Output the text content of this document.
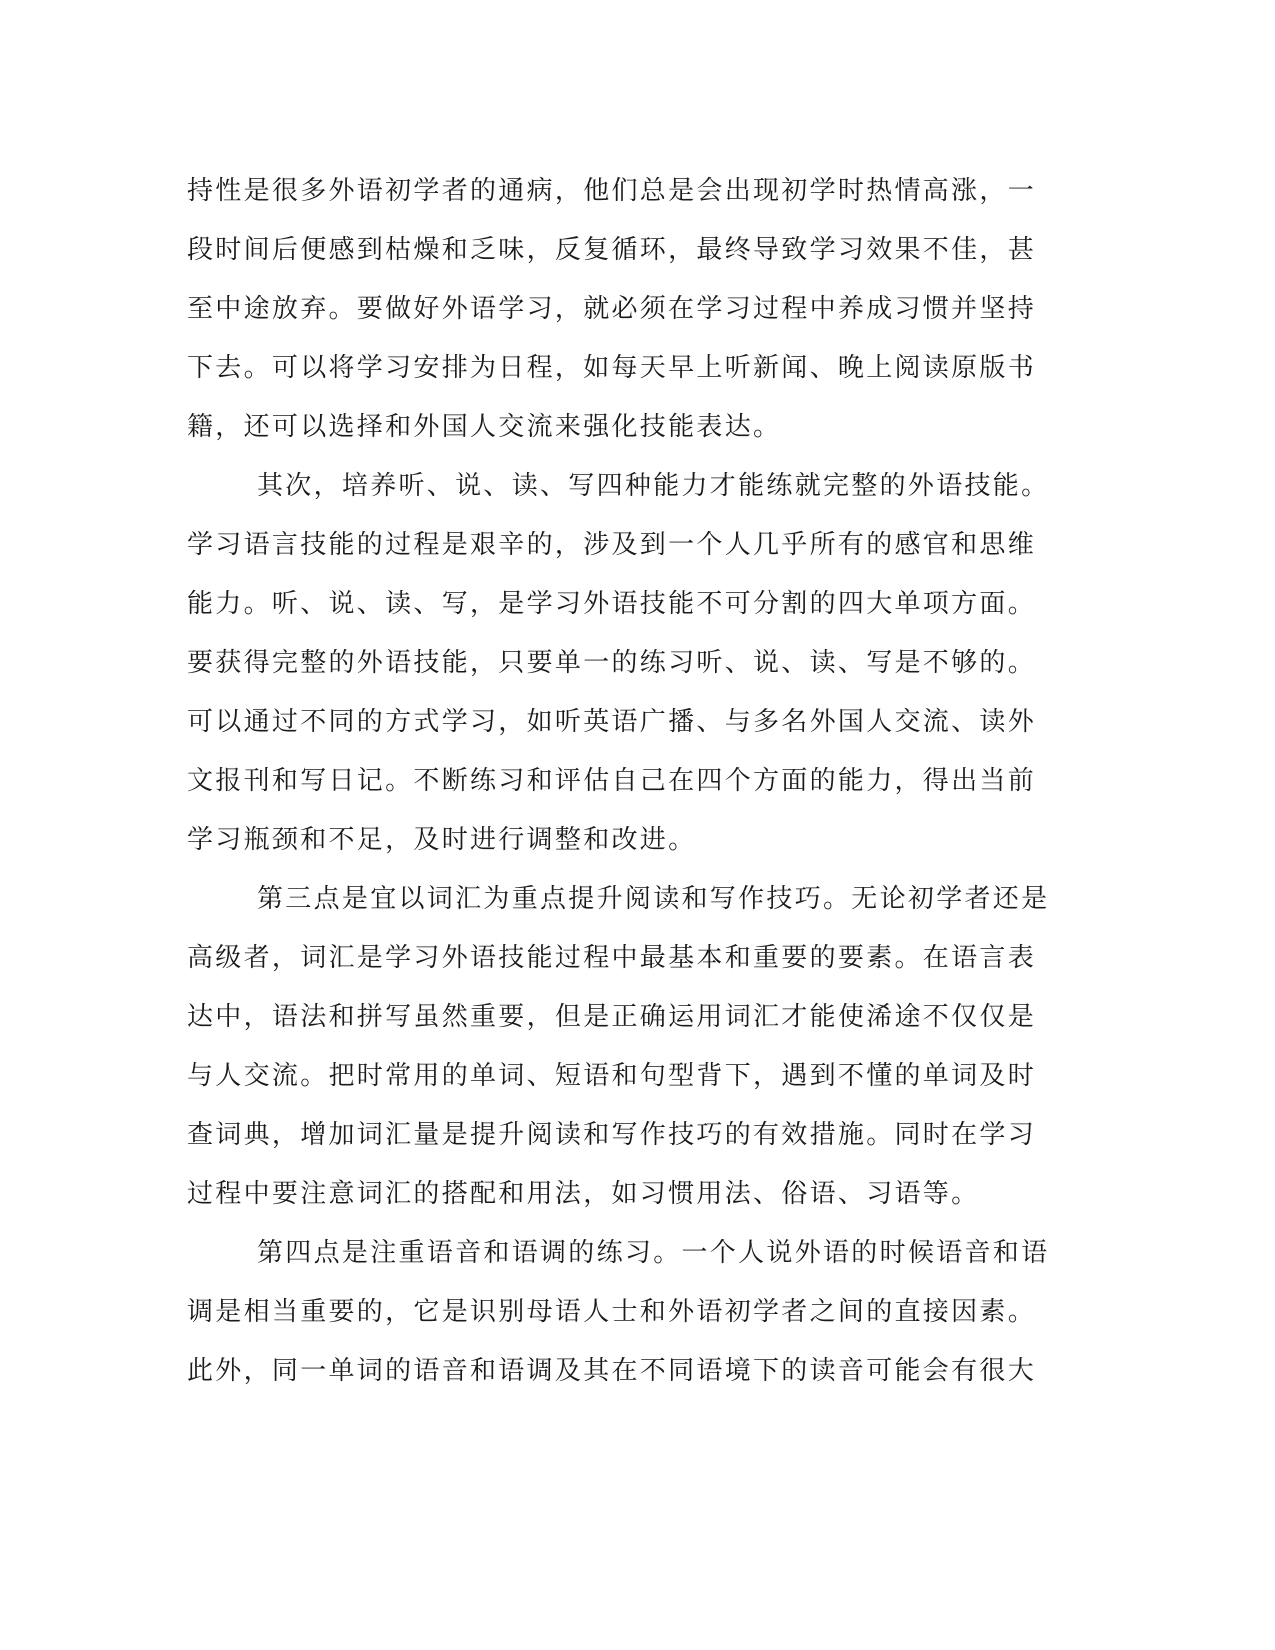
持性是很多外语初学者的通病，他们总是会出现初学时热情高涨，一
段时间后便感到枯燥和乏味，反复循环，最终导致学习效果不佳，甚
至中途放弃。要做好外语学习，就必须在学习过程中养成习惯并坚持
下去。可以将学习安排为日程，如每天早上听新闻、晚上阅读原版书
籍，还可以选择和外国人交流来强化技能表达。
其次，培养听、说、读、写四种能力才能练就完整的外语技能。
学习语言技能的过程是艰辛的，涉及到一个人几乎所有的感官和思维
能力。听、说、读、写，是学习外语技能不可分割的四大单项方面。
要获得完整的外语技能，只要单一的练习听、说、读、写是不够的。
可以通过不同的方式学习，如听英语广播、与多名外国人交流、读外
文报刊和写日记。不断练习和评估自己在四个方面的能力，得出当前
学习瓶颈和不足，及时进行调整和改进。
第三点是宜以词汇为重点提升阅读和写作技巧。无论初学者还是
高级者，词汇是学习外语技能过程中最基本和重要的要素。在语言表
达中，语法和拼写虽然重要，但是正确运用词汇才能使浠途不仅仅是
与人交流。把时常用的单词、短语和句型背下，遇到不懂的单词及时
查词典，增加词汇量是提升阅读和写作技巧的有效措施。同时在学习
过程中要注意词汇的搭配和用法，如习惯用法、俗语、习语等。
第四点是注重语音和语调的练习。一个人说外语的时候语音和语
调是相当重要的，它是识别母语人士和外语初学者之间的直接因素。
此外，同一单词的语音和语调及其在不同语境下的读音可能会有很大
